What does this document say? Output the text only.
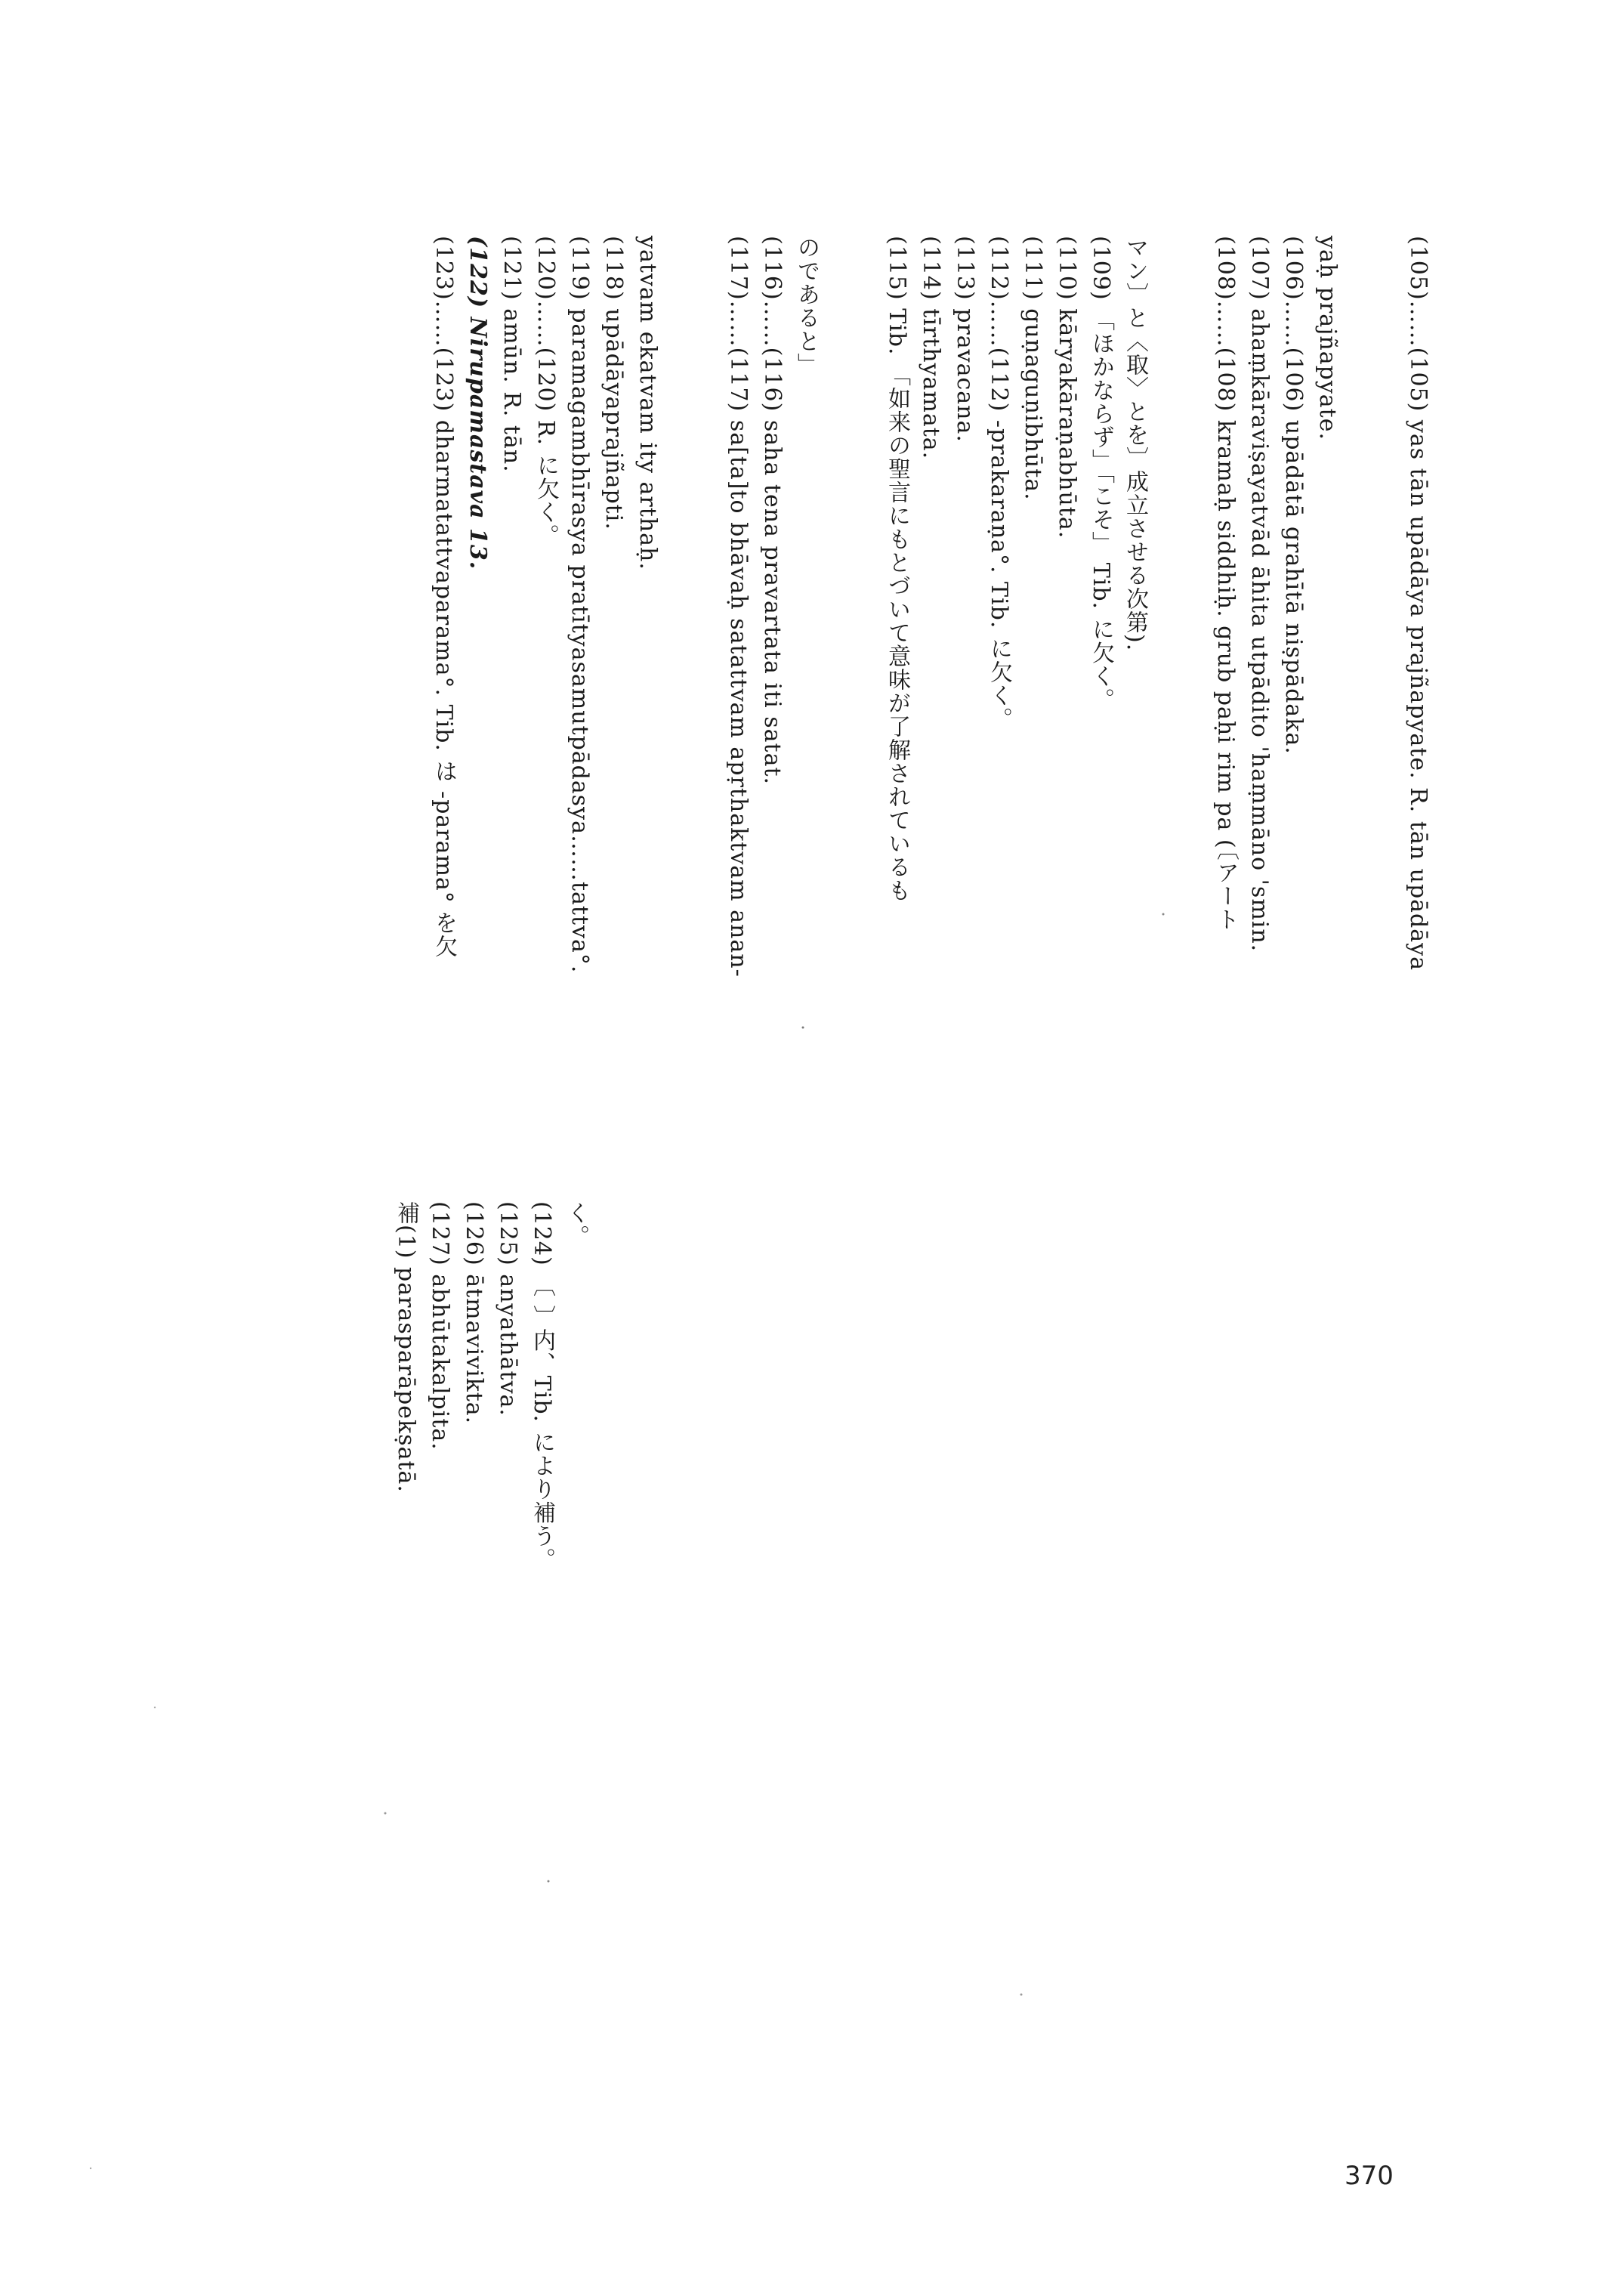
(105)……(105) yas tān upādāya prajñapyate. R. tān upādāya
yaḥ prajñapyate.
(106)……(106) upādātā grahītā niṣpādaka.
(107) ahaṃkāraviṣayatvād āhita utpādito 'haṃmāno 'smin.
(108)……(108) kramaḥ siddhiḥ. grub paḥi rim pa (〔アート
マン〕と〈取〉とを〕成立させる次第).
(109) 「ほかならず」「こそ」 Tib. に欠く。
(110) kāryakāraṇabhūta.
(111) guṇaguṇibhūta.
(112)……(112) -prakaraṇa°. Tib. に欠く。
(113) pravacana.
(114) tīrthyamata.
(115) Tib. 「如来の聖言にもとづいて意味が了解されているも
のであると」
(116)……(116) saha tena pravartata iti satat.
(117)……(117) sa[ta]to bhāvaḥ satattvam apṛthaktvam anan-
yatvam ekatvam ity arthaḥ.
(118) upādāyaprajñapti.
(119) paramagambhīrasya pratītyasamutpādasya……tattva°.
(120)……(120) R. に欠く。
(121) amūn. R. tān.
(122) Nirupamastava 13.
(123)……(123) dharmatattvaparama°. Tib. は -parama° を欠
く。
(124) 〔 〕内、Tib. により補う。
(125) anyathātva.
(126) ātmavivikta.
(127) abhūtakalpita.
補(1) parasparāpekṣatā.
370
